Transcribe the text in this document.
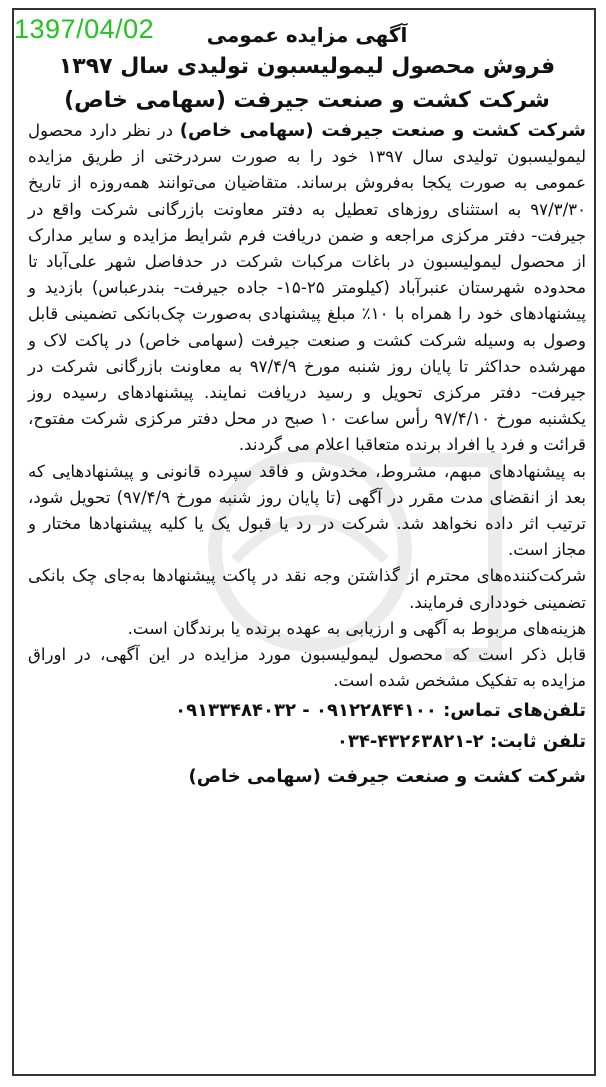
1397/04/02	آگهی مزایده عمومی
فروش محصول لیمولیسبون تولیدی سال ۱۳۹۷
شرکت کشت و صنعت جیرفت (سهامی خاص)

شرکت کشت و صنعت جیرفت (سهامی خاص) در نظر دارد محصول لیمولیسبون تولیدی سال ۱۳۹۷ خود را به صورت سردرختی از طریق مزایده عمومی به صورت یکجا به‌فروش برساند. متقاضیان می‌توانند همه‌روزه از تاریخ ۹۷/۳/۳۰ به استثنای روزهای تعطیل به دفتر معاونت بازرگانی شرکت واقع در جیرفت- دفتر مرکزی مراجعه و ضمن دریافت فرم شرایط مزایده و سایر مدارک از محصول لیمولیسبون در باغات مرکبات شرکت در حدفاصل شهر علی‌آباد تا محدوده شهرستان عنبرآباد (کیلومتر ۲۵-۱۵- جاده جیرفت- بندرعباس) بازدید و پیشنهادهای خود را همراه با ۱۰٪ مبلغ پیشنهادی به‌صورت چک‌بانکی تضمینی قابل وصول به وسیله شرکت کشت و صنعت جیرفت (سهامی خاص) در پاکت لاک و مهرشده حداکثر تا پایان روز شنبه مورخ ۹۷/۴/۹ به معاونت بازرگانی شرکت در جیرفت- دفتر مرکزی تحویل و رسید دریافت نمایند. پیشنهادهای رسیده روز یکشنبه مورخ ۹۷/۴/۱۰ رأس ساعت ۱۰ صبح در محل دفتر مرکزی شرکت مفتوح، قرائت و فرد یا افراد برنده متعاقبا اعلام می گردند.

به پیشنهادهای مبهم، مشروط، مخدوش و فاقد سپرده قانونی و پیشنهادهایی که بعد از انقضای مدت مقرر در آگهی (تا پایان روز شنبه مورخ ۹۷/۴/۹) تحویل شود، ترتیب اثر داده نخواهد شد. شرکت در رد یا قبول یک یا کلیه پیشنهادها مختار و مجاز است.

شرکت‌کننده‌های محترم از گذاشتن وجه نقد در پاکت پیشنهادها به‌جای چک بانکی تضمینی خودداری فرمایند.

هزینه‌های مربوط به آگهی و ارزیابی به عهده برنده یا برندگان است.

قابل ذکر است که محصول لیمولیسبون مورد مزایده در این آگهی، در اوراق مزایده به تفکیک مشخص شده است.

تلفن‌های تماس: ۰۹۱۳۳۴۸۴۰۳۲ - ۰۹۱۲۲۸۴۴۱۰۰

تلفن ثابت: ۰۳۴-۴۳۲۶۳۸۲۱-۲

شرکت کشت و صنعت جیرفت (سهامی خاص)
